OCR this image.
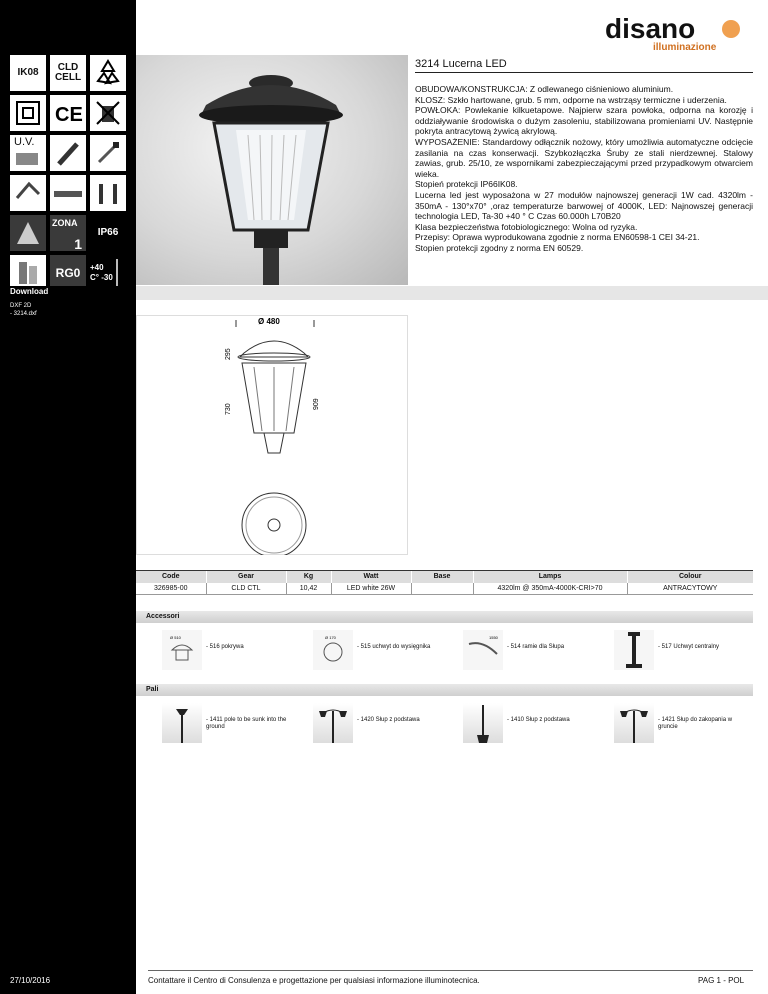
IK08	CLD CELL
CE
U.V.
ZONA
1
IP66
RG0 +40 C° -30
DXF 2D
- 3214.dxf
27/10/2016
Download
disano
illuminazione
3214 Lucerna LED

OBUDOWA/KONSTRUKCJA: Z odlewanego ciśnieniowo aluminium.

KLOSZ: Szkło hartowane, grub. 5 mm, odporne na wstrząsy termiczne i uderzenia.

POWŁOKA: Powlekanie kilkuetapowe. Najpierw szara powłoka, odporna na korozję i oddziaływanie środowiska o dużym zasoleniu, stabilizowana promieniami UV. Następnie pokryta antracytową żywicą akrylową.

WYPOSAŻENIE: Standardowy odłącznik nożowy, który umożliwia automatyczne odcięcie zasilania na czas konserwacji. Szybkozłączka Śruby ze stali nierdzewnej. Stalowy zawias, grub. 25/10, ze wspornikami zabezpieczającymi przed przypadkowym otwarciem wieka.

Stopień protekcji IP66IK08.

Lucerna led jest wyposażona w 27 modułów najnowszej generacji 1W cad. 4320lm - 350mA - 130°x70° ,oraz temperaturze barwowej of 4000K, LED: Najnowszej generacji technologia LED, Ta-30 +40 ° C Czas 60.000h L70B20

Klasa bezpieczeństwa fotobiologicznego: Wolna od ryzyka.

Przepisy: Oprawa wyprodukowana zgodnie z norma EN60598-1 CEI 34-21.

Stopien protekcji zgodny z norma EN 60529.

Ø 480
295
730	909
Code	Gear	Kg	Watt	Base	Lamps	Colour
326985-00	CLD CTL	10,42	LED white 26W		4320lm @ 350mA-4000K-CRI>70	ANTRACYTOWY
Accessori
Ø 510
- 516 pokrywa
Ø 170
- 515 uchwyt do wysięgnika
1550
- 514 ramie dla Słupa	- 517 Uchwyt centralny
Pali
- 1411 pole to be sunk into the ground
- 1420 Słup z podstawa	- 1410 Słup z podstawa	- 1421 Słup do zakopania w gruncie
Contattare il Centro di Consulenza e progettazione per qualsiasi informazione illuminotecnica.	PAG 1 - POL
